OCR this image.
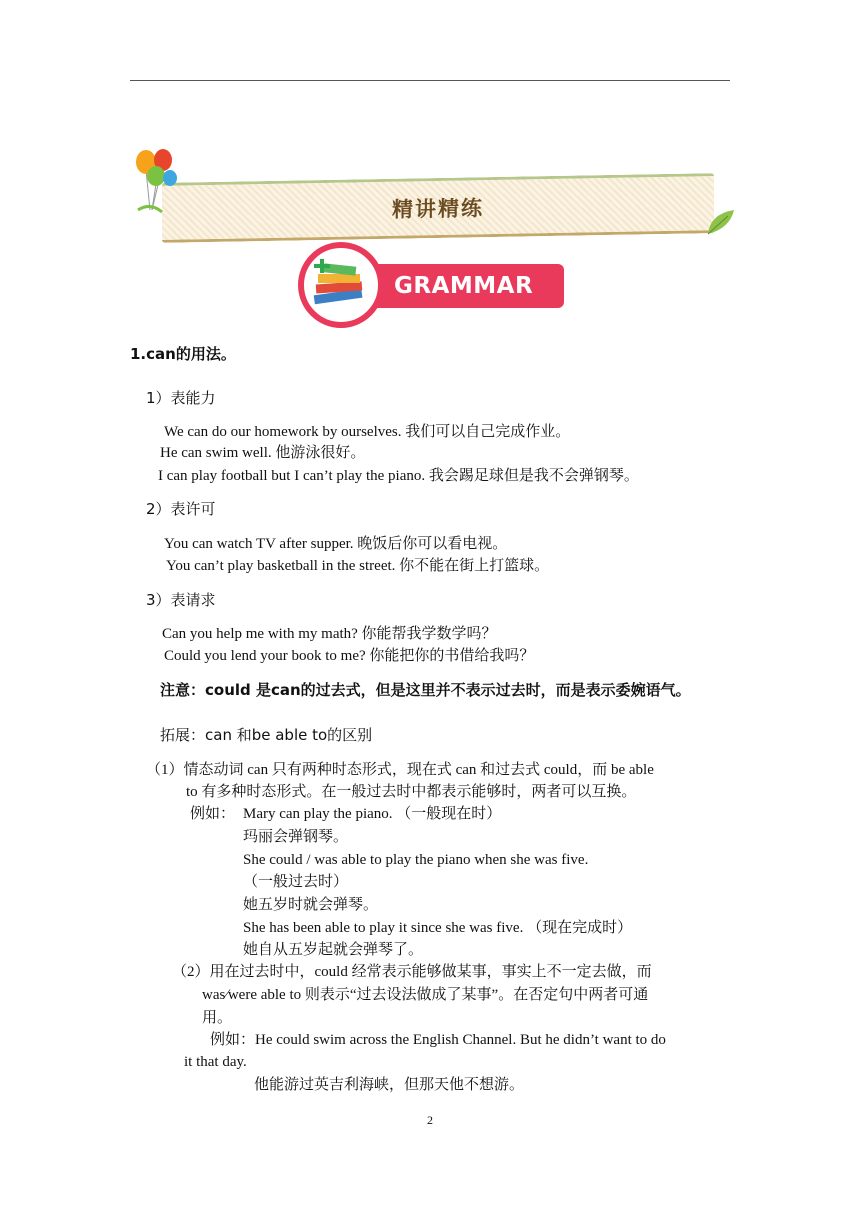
精讲精练
GRAMMAR
1.can的用法。
1）表能力
We can do our homework by ourselves. 我们可以自己完成作业。
He can swim well. 他游泳很好。
I can play football but I can’t play the piano. 我会踢足球但是我不会弹钢琴。
2）表许可
You can watch TV after supper. 晚饭后你可以看电视。
You can’t play basketball in the street. 你不能在街上打篮球。
3）表请求
Can you help me with my math? 你能帮我学数学吗？
Could you lend your book to me? 你能把你的书借给我吗？
注意：could 是can的过去式，但是这里并不表示过去时，而是表示委婉语气。
拓展：can 和be able to的区别
（1）情态动词 can 只有两种时态形式，现在式 can 和过去式 could，而 be able
to 有多种时态形式。在一般过去时中都表示能够时，两者可以互换。
例如： Mary can play the piano. （一般现在时）
玛丽会弹钢琴。
She could / was able to play the piano when she was five.
（一般过去时）
她五岁时就会弹琴。
She has been able to play it since she was five. （现在完成时）
她自从五岁起就会弹琴了。
（2）用在过去时中，could 经常表示能够做某事，事实上不一定去做，而
was⁄were able to 则表示“过去设法做成了某事”。在否定句中两者可通
用。
例如：He could swim across the English Channel. But he didn’t want to do
it that day.
他能游过英吉利海峡，但那天他不想游。
2
